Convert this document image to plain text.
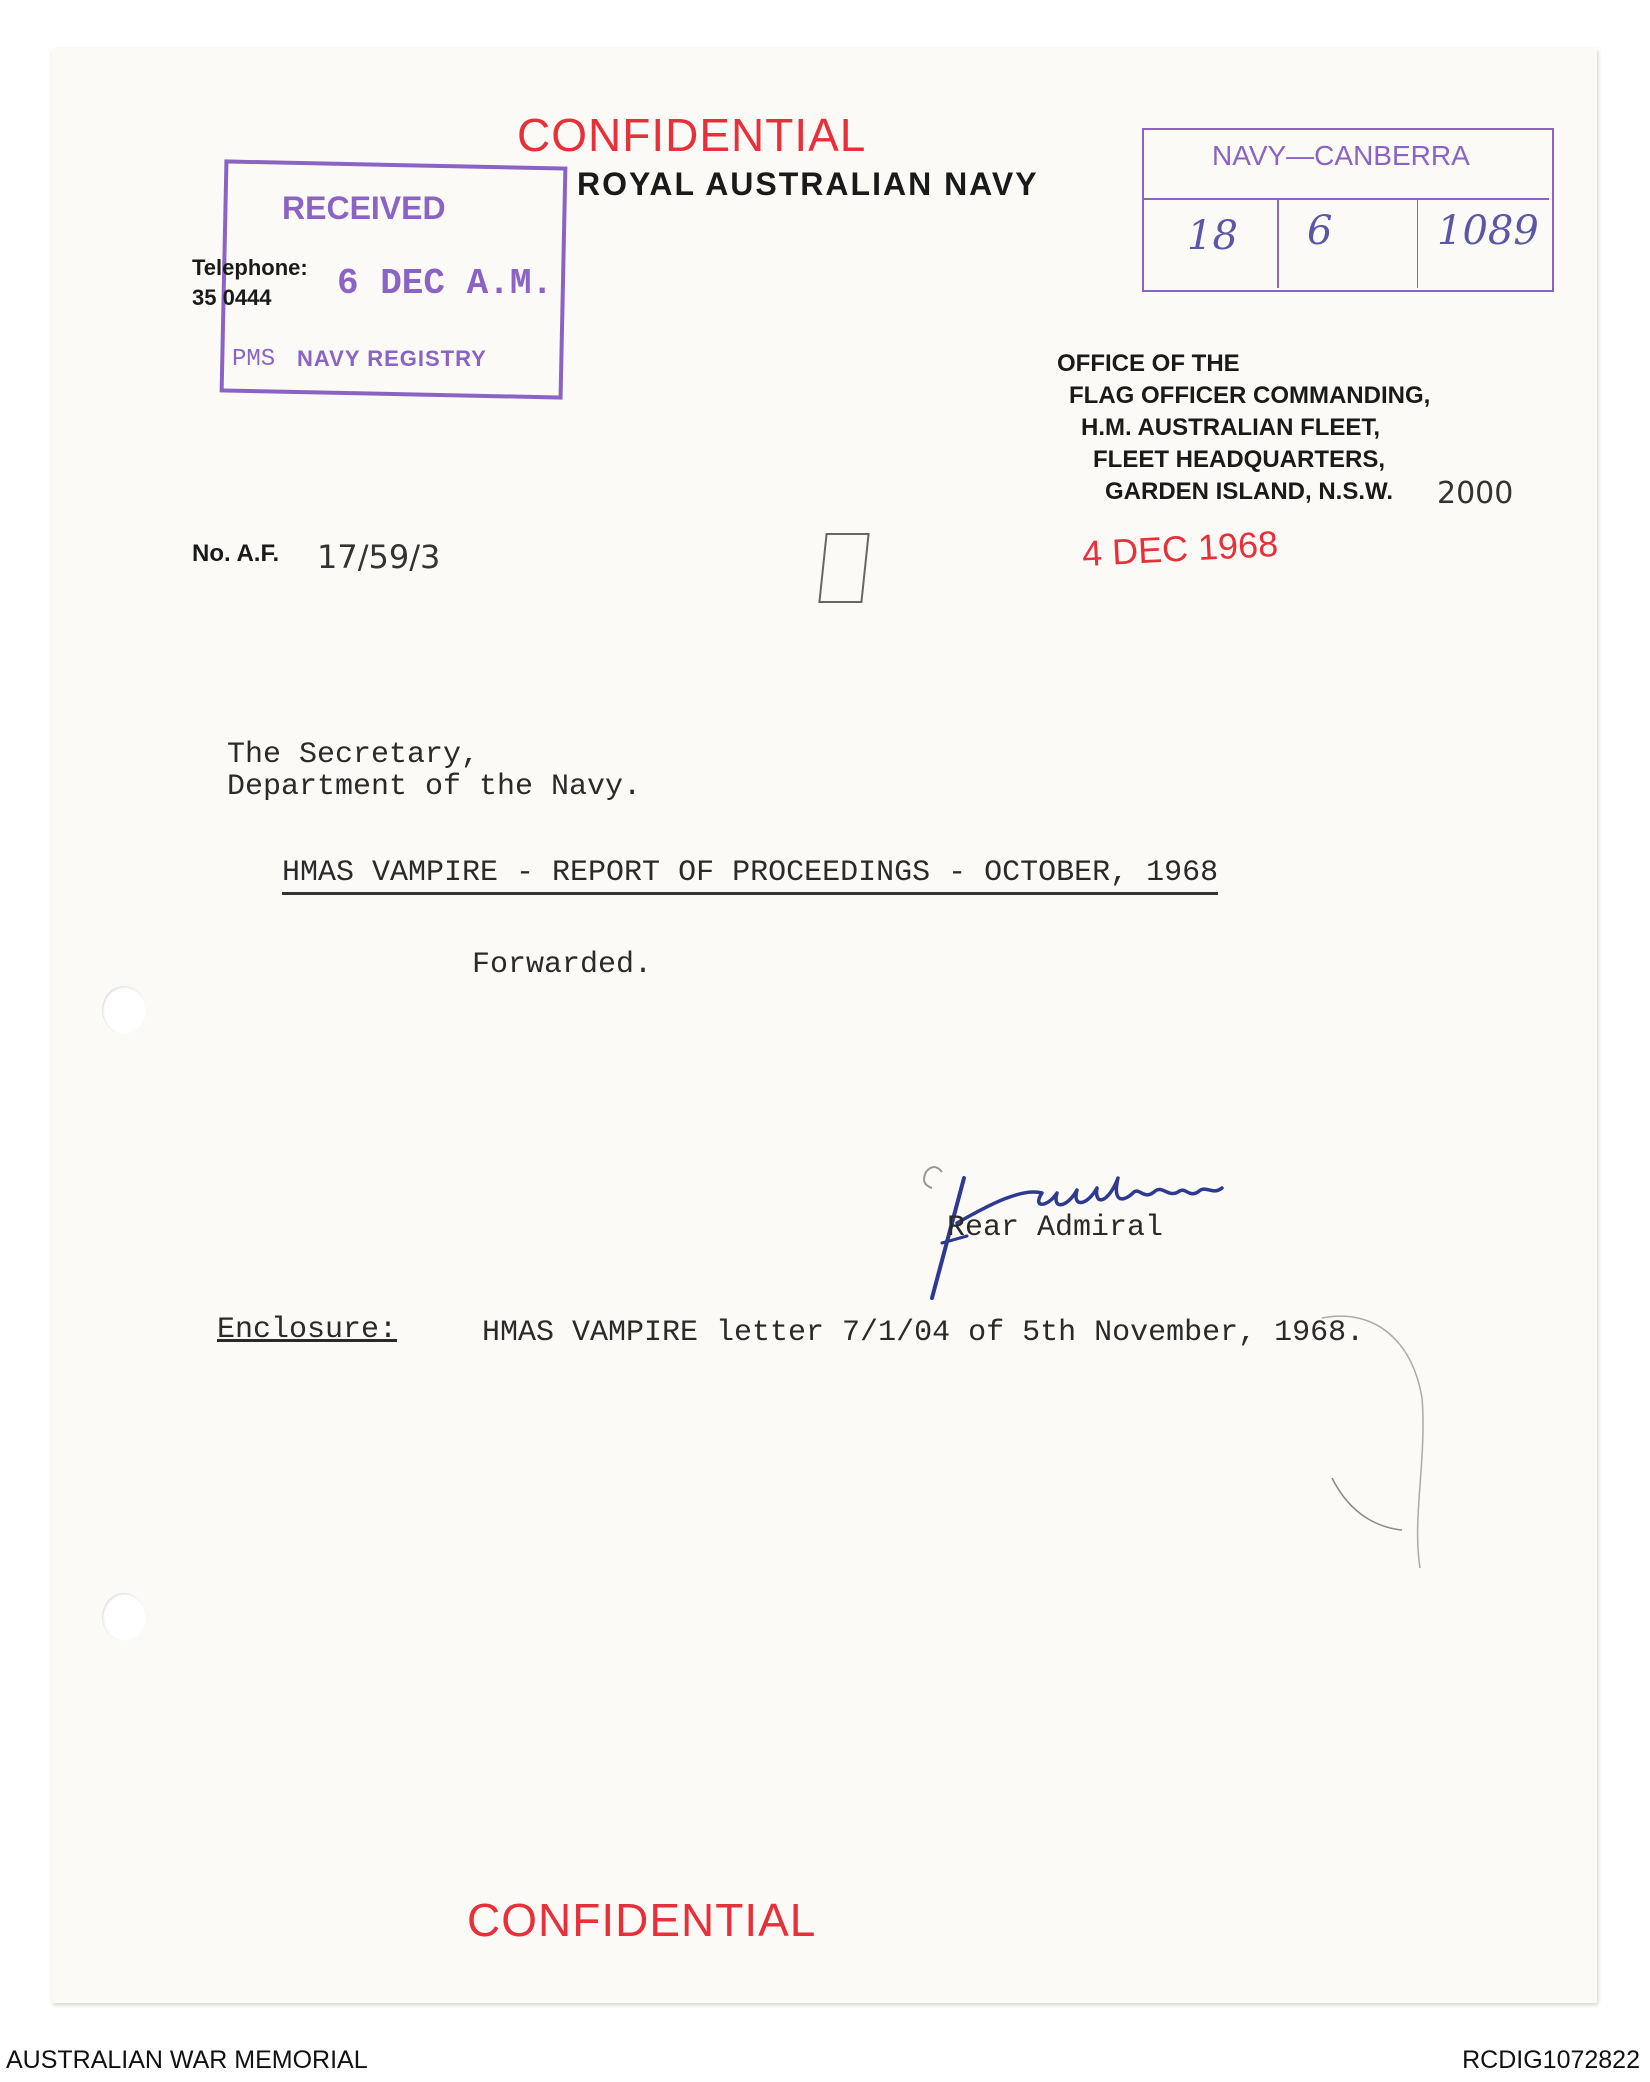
CONFIDENTIAL
ROYAL AUSTRALIAN NAVY
RECEIVED
6 DEC A.M.
PMS NAVY REGISTRY
Telephone:
35 0444
NAVY—CANBERRA
18 6	1089
OFFICE OF THE
FLAG OFFICER COMMANDING,
H.M. AUSTRALIAN FLEET,
FLEET HEADQUARTERS,
GARDEN ISLAND, N.S.W.	2000
4 DEC 1968
No. A.F. 17/59/3
The Secretary,
Department of the Navy.
HMAS VAMPIRE - REPORT OF PROCEEDINGS - OCTOBER, 1968
Forwarded.
Rear Admiral
Enclosure:	HMAS VAMPIRE letter 7/1/04 of 5th November, 1968.
CONFIDENTIAL
AUSTRALIAN WAR MEMORIAL	RCDIG1072822
